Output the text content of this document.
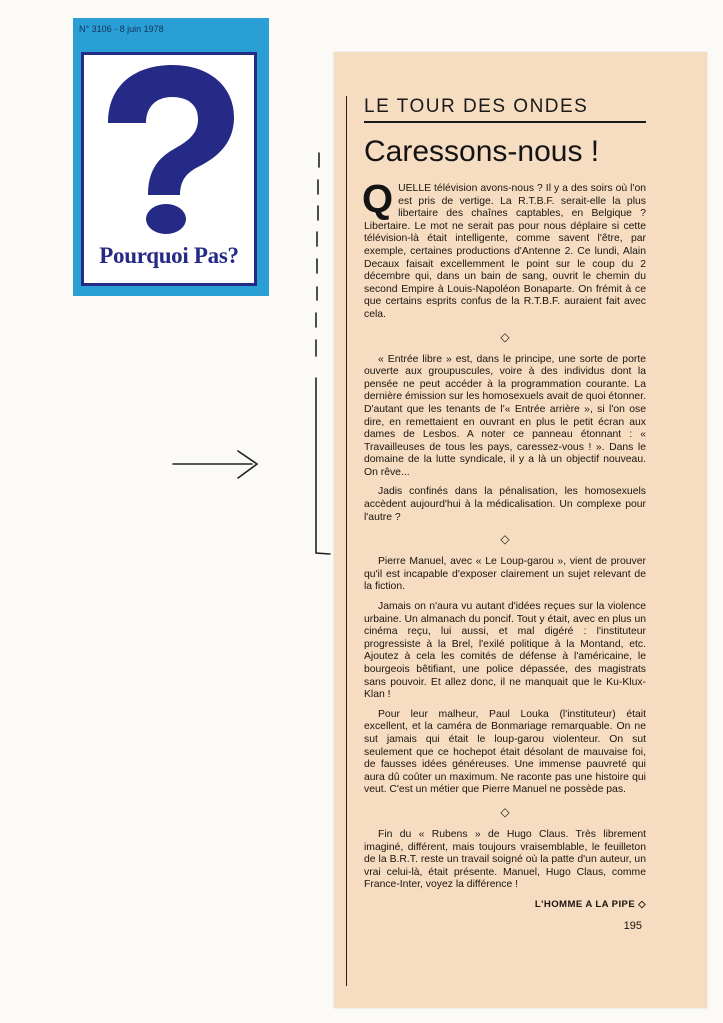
N° 3106 - 8 juin 1978
Pourquoi Pas?
LE TOUR DES ONDES
Caressons-nous !

QUELLE télévision avons-nous ? Il y a des soirs où l'on est pris de vertige. La R.T.B.F. serait-elle la plus libertaire des chaînes captables, en Belgique ? Libertaire. Le mot ne serait pas pour nous déplaire si cette télévision-là était intelligente, comme savent l'être, par exemple, certaines productions d'Antenne 2. Ce lundi, Alain Decaux faisait excellemment le point sur le coup du 2 décembre qui, dans un bain de sang, ouvrit le chemin du second Empire à Louis-Napoléon Bonaparte. On frémit à ce que certains esprits confus de la R.T.B.F. auraient fait avec cela.

◇

« Entrée libre » est, dans le principe, une sorte de porte ouverte aux groupuscules, voire à des individus dont la pensée ne peut accéder à la programmation courante. La dernière émission sur les homosexuels avait de quoi étonner. D'autant que les tenants de l'« Entrée arrière », si l'on ose dire, en remettaient en ouvrant en plus le petit écran aux dames de Lesbos. A noter ce panneau étonnant : « Travailleuses de tous les pays, caressez-vous ! ». Dans le domaine de la lutte syndicale, il y a là un objectif nouveau. On rêve...

Jadis confinés dans la pénalisation, les homosexuels accèdent aujourd'hui à la médicalisation. Un complexe pour l'autre ?

◇

Pierre Manuel, avec « Le Loup-garou », vient de prouver qu'il est incapable d'exposer clairement un sujet relevant de la fiction.

Jamais on n'aura vu autant d'idées reçues sur la violence urbaine. Un almanach du poncif. Tout y était, avec en plus un cinéma reçu, lui aussi, et mal digéré : l'instituteur progressiste à la Brel, l'exilé politique à la Montand, etc. Ajoutez à cela les comités de défense à l'américaine, le bourgeois bêtifiant, une police dépassée, des magistrats sans pouvoir. Et allez donc, il ne manquait que le Ku-Klux-Klan !

Pour leur malheur, Paul Louka (l'instituteur) était excellent, et la caméra de Bonmariage remarquable. On ne sut jamais qui était le loup-garou violenteur. On sut seulement que ce hochepot était désolant de mauvaise foi, de fausses idées généreuses. Une immense pauvreté qui aura dû coûter un maximum. Ne raconte pas une histoire qui veut. C'est un métier que Pierre Manuel ne possède pas.

◇

Fin du « Rubens » de Hugo Claus. Très librement imaginé, différent, mais toujours vraisemblable, le feuilleton de la B.R.T. reste un travail soigné où la patte d'un auteur, un vrai celui-là, était présente. Manuel, Hugo Claus, comme France-Inter, voyez la différence !

L'HOMME A LA PIPE ◇
195
